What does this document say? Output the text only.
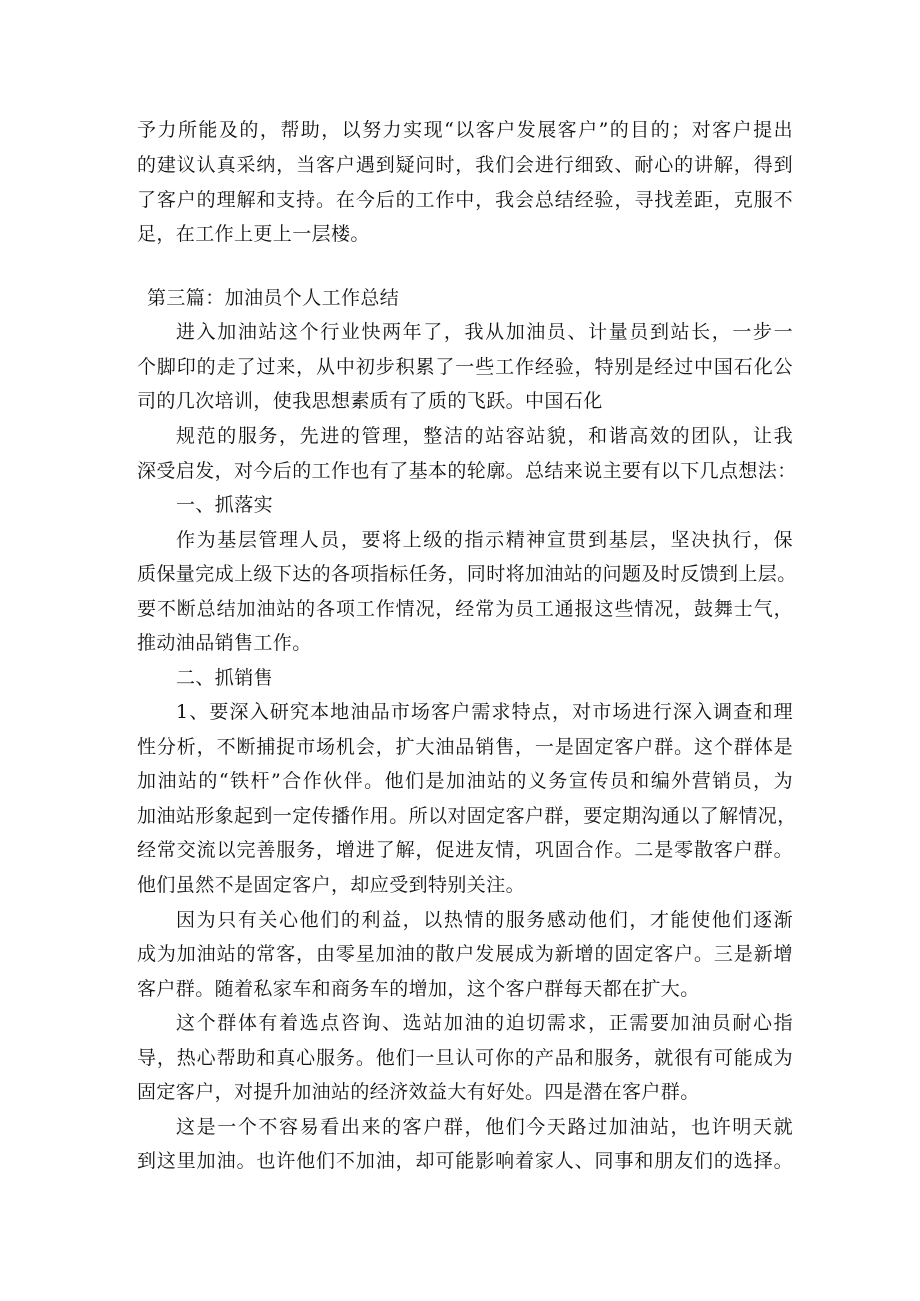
予力所能及的，帮助，以努力实现“以客户发展客户”的目的；对客户提出
的建议认真采纳，当客户遇到疑问时，我们会进行细致、耐心的讲解，得到
了客户的理解和支持。在今后的工作中，我会总结经验，寻找差距，克服不
足，在工作上更上一层楼。
第三篇：加油员个人工作总结
进入加油站这个行业快两年了，我从加油员、计量员到站长，一步一
个脚印的走了过来，从中初步积累了一些工作经验，特别是经过中国石化公
司的几次培训，使我思想素质有了质的飞跃。中国石化
规范的服务，先进的管理，整洁的站容站貌，和谐高效的团队，让我
深受启发，对今后的工作也有了基本的轮廓。总结来说主要有以下几点想法：
一、抓落实
作为基层管理人员，要将上级的指示精神宣贯到基层，坚决执行，保
质保量完成上级下达的各项指标任务，同时将加油站的问题及时反馈到上层。
要不断总结加油站的各项工作情况，经常为员工通报这些情况，鼓舞士气，
推动油品销售工作。
二、抓销售
1、要深入研究本地油品市场客户需求特点，对市场进行深入调查和理
性分析，不断捕捉市场机会，扩大油品销售，一是固定客户群。这个群体是
加油站的“铁杆”合作伙伴。他们是加油站的义务宣传员和编外营销员，为
加油站形象起到一定传播作用。所以对固定客户群，要定期沟通以了解情况，
经常交流以完善服务，增进了解，促进友情，巩固合作。二是零散客户群。
他们虽然不是固定客户，却应受到特别关注。
因为只有关心他们的利益，以热情的服务感动他们，才能使他们逐渐
成为加油站的常客，由零星加油的散户发展成为新增的固定客户。三是新增
客户群。随着私家车和商务车的增加，这个客户群每天都在扩大。
这个群体有着选点咨询、选站加油的迫切需求，正需要加油员耐心指
导，热心帮助和真心服务。他们一旦认可你的产品和服务，就很有可能成为
固定客户，对提升加油站的经济效益大有好处。四是潜在客户群。
这是一个不容易看出来的客户群，他们今天路过加油站，也许明天就
到这里加油。也许他们不加油，却可能影响着家人、同事和朋友们的选择。
